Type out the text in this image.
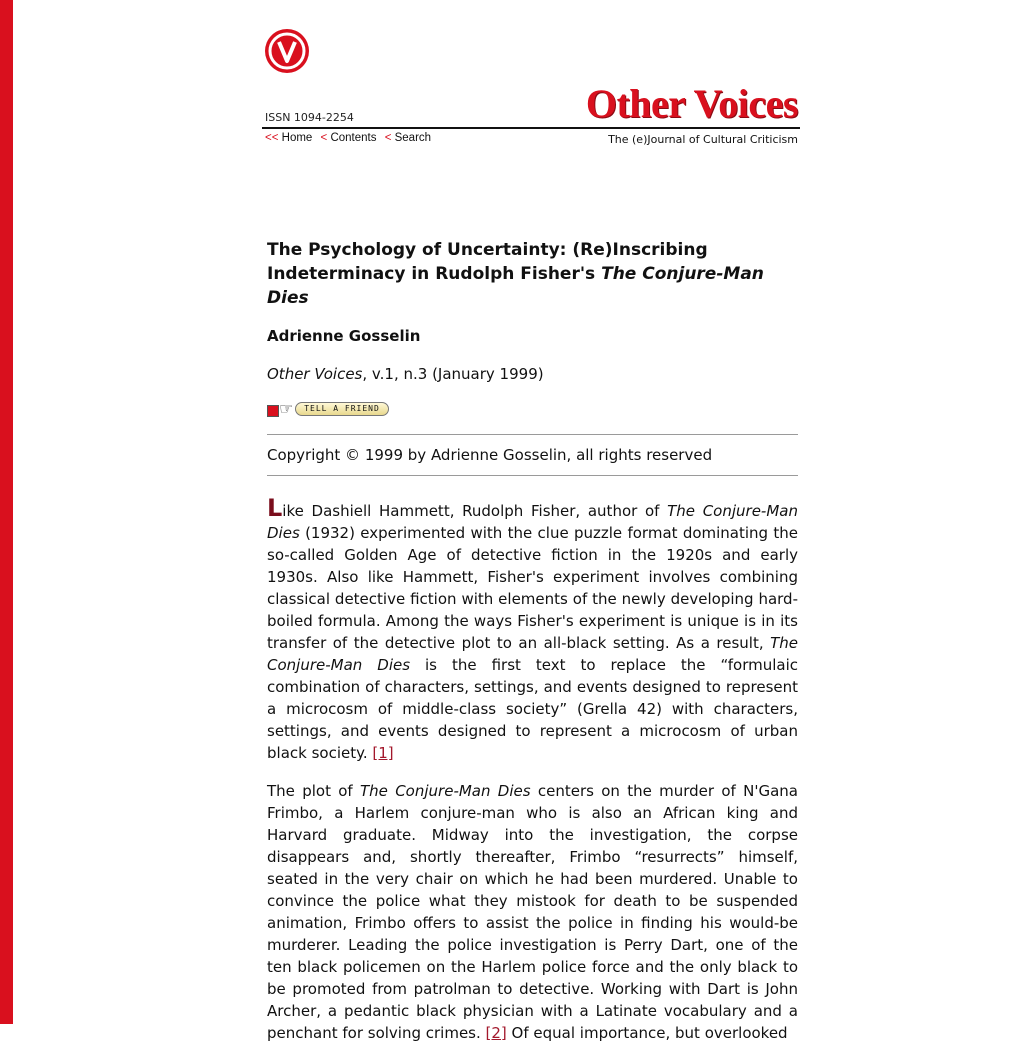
ISSN 1094-2254	Other Voices
<< Home < Contents < Search	The (e)Journal of Cultural Criticism
The Psychology of Uncertainty: (Re)Inscribing
Indeterminacy in Rudolph Fisher's The Conjure-Man Dies
Adrienne Gosselin
Other Voices, v.1, n.3 (January 1999)
☞	TELL A FRIEND
Copyright © 1999 by Adrienne Gosselin, all rights reserved

Like Dashiell Hammett, Rudolph Fisher, author of The Conjure-Man Dies (1932) experimented with the clue puzzle format dominating the so-called Golden Age of detective fiction in the 1920s and early 1930s. Also like Hammett, Fisher's experiment involves combining classical detective fiction with elements of the newly developing hard-boiled formula. Among the ways Fisher's experiment is unique is in its transfer of the detective plot to an all-black setting. As a result, The Conjure-Man Dies is the first text to replace the “formulaic combination of characters, settings, and events designed to represent a microcosm of middle-class society” (Grella 42) with characters, settings, and events designed to represent a microcosm of urban black society. [1]

The plot of The Conjure-Man Dies centers on the murder of N'Gana Frimbo, a Harlem conjure-man who is also an African king and Harvard graduate. Midway into the investigation, the corpse disappears and, shortly thereafter, Frimbo “resurrects” himself, seated in the very chair on which he had been murdered. Unable to convince the police what they mistook for death to be suspended animation, Frimbo offers to assist the police in finding his would-be murderer. Leading the police investigation is Perry Dart, one of the ten black policemen on the Harlem police force and the only black to be promoted from patrolman to detective. Working with Dart is John Archer, a pedantic black physician with a Latinate vocabulary and a penchant for solving crimes. [2] Of equal importance, but overlooked
